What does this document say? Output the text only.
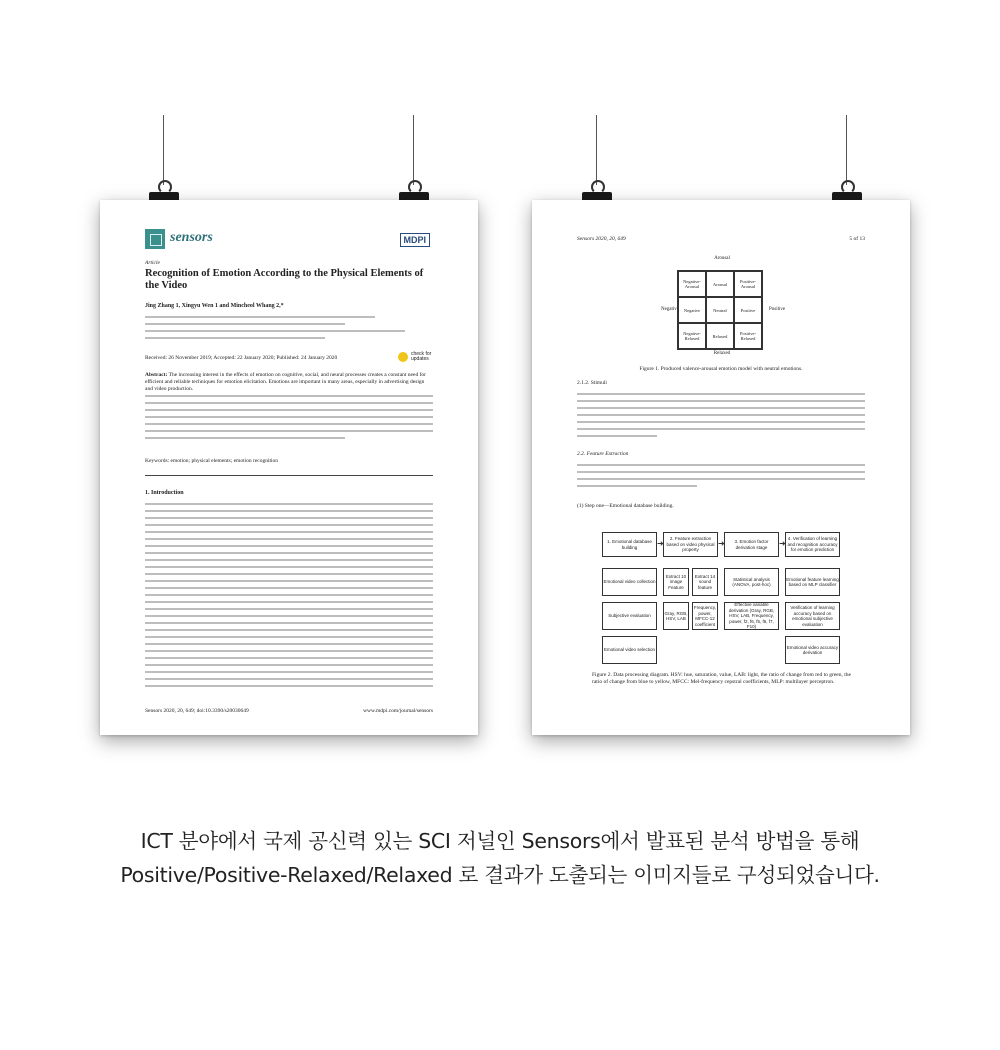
sensors	MDPI
Article
Recognition of Emotion According to the Physical Elements of the Video
Jing Zhang 1, Xingyu Wen 1 and Mincheol Whang 2,*
Received: 26 November 2019; Accepted: 22 January 2020; Published: 24 January 2020
check for updates
Abstract: The increasing interest in the effects of emotion on cognitive, social, and neural processes creates a constant need for efficient and reliable techniques for emotion elicitation. Emotions are important in many areas, especially in advertising design and video production.
Keywords: emotion; physical elements; emotion recognition
1. Introduction
Sensors 2020, 20, 649; doi:10.3390/s20030649	www.mdpi.com/journal/sensors
Sensors 2020, 20, 649	5 of 13
Arousal
Negative	Positive
Negative-Arousal	Arousal	Positive-Arousal
Negative	Neutral	Positive
Negative-Relaxed	Relaxed	Positive-Relaxed
Relaxed
Figure 1. Produced valence-arousal emotion model with neutral emotions.
2.1.2. Stimuli
2.2. Feature Extraction
(1) Step one—Emotional database building.
1. Emotional database building
2. Feature extraction based on video physical property
3. Emotion factor derivation stage
4. Verification of learning and recognition accuracy for emotion prediction
➜	➜	➜
Emotional video collection
Subjective evaluation
Emotional video selection
Extract 10 image Feature
Extract 14 sound feature
Gray, RGB, HSV, LAB
Frequency, power, MFCC-12 coefficient
Statistical analysis (ANOVA, post-hoc)
Effective variable derivation (Gray, RGB, HSV, LAB, Frequency, power, f2, f6, f5, f6, f7, F10)
Emotional feature learning based on MLP classifier
Verification of learning accuracy based on emotional subjective evaluation
Emotional video accuracy derivation
Figure 2. Data processing diagram. HSV: hue, saturation, value, LAB: light, the ratio of change from red to green, the ratio of change from blue to yellow, MFCC: Mel-frequency cepstral coefficients, MLP: multilayer perceptron.
ICT 분야에서 국제 공신력 있는 SCI 저널인 Sensors에서 발표된 분석 방법을 통해
Positive/Positive-Relaxed/Relaxed 로 결과가 도출되는 이미지들로 구성되었습니다.
